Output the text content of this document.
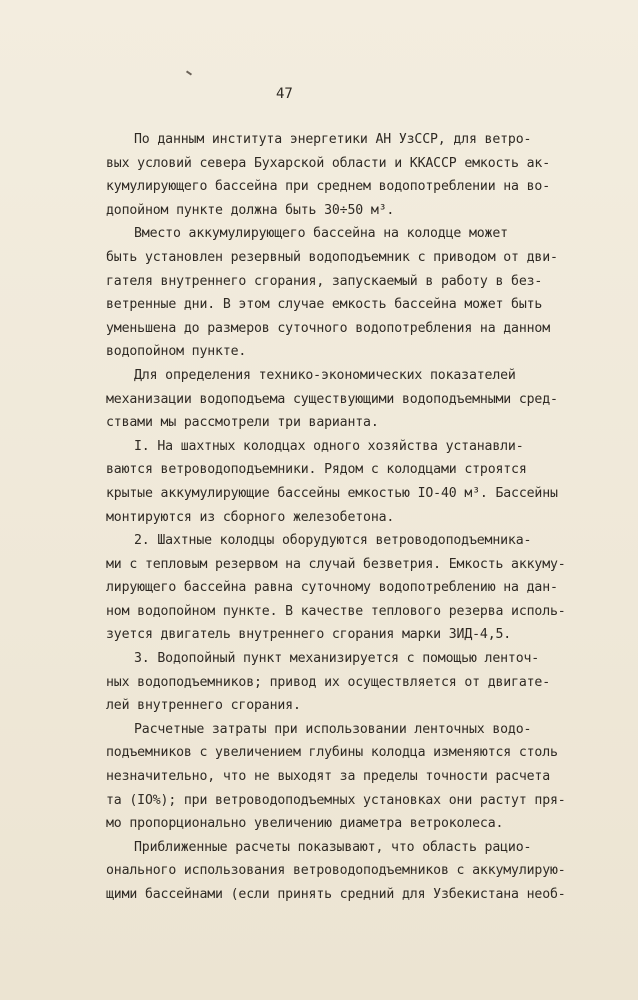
47
По данным института энергетики АН УзССР, для ветро-
вых условий севера Бухарской области и ККАССР емкость ак-
кумулирующего бассейна при среднем водопотреблении на во-
допойном пункте должна быть 30÷50 м³.
Вместо аккумулирующего бассейна на колодце может
быть установлен резервный водоподъемник с приводом от дви-
гателя внутреннего сгорания, запускаемый в работу в без-
ветренные дни. В этом случае емкость бассейна может быть
уменьшена до размеров суточного водопотребления на данном
водопойном пункте.
Для определения технико-экономических показателей
механизации водоподъема существующими водоподъемными сред-
ствами мы рассмотрели три варианта.
I. На шахтных колодцах одного хозяйства устанавли-
ваются ветроводоподъемники. Рядом с колодцами строятся
крытые аккумулирующие бассейны емкостью IO-40 м³. Бассейны
монтируются из сборного железобетона.
2. Шахтные колодцы оборудуются ветроводоподъемника-
ми с тепловым резервом на случай безветрия. Емкость аккуму-
лирующего бассейна равна суточному водопотреблению на дан-
ном водопойном пункте. В качестве теплового резерва исполь-
зуется двигатель внутреннего сгорания марки ЗИД-4,5.
3. Водопойный пункт механизируется с помощью ленточ-
ных водоподъемников; привод их осуществляется от двигате-
лей внутреннего сгорания.
Расчетные затраты при использовании ленточных водо-
подъемников с увеличением глубины колодца изменяются столь
незначительно, что не выходят за пределы точности расчета
та (IO%); при ветроводоподъемных установках они растут пря-
мо пропорционально увеличению диаметра ветроколеса.
Приближенные расчеты показывают, что область рацио-
онального использования ветроводоподъемников с аккумулирую-
щими бассейнами (если принять средний для Узбекистана необ-
